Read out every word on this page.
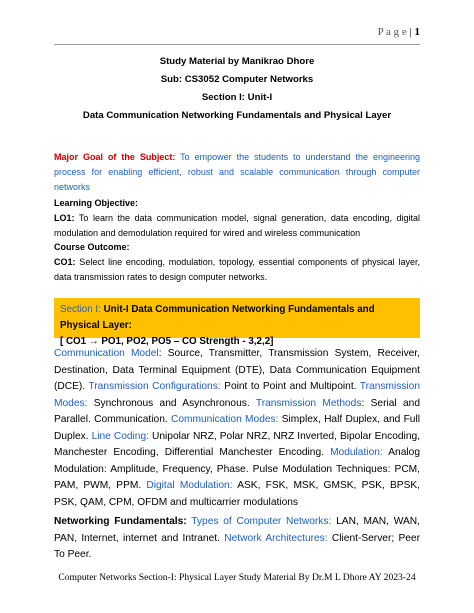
P a g e | 1
Study Material by Manikrao Dhore
Sub: CS3052 Computer Networks
Section I: Unit-I
Data Communication Networking Fundamentals and Physical Layer
Major Goal of the Subject: To empower the students to understand the engineering process for enabling efficient, robust and scalable communication through computer networks
Learning Objective:
LO1: To learn the data communication model, signal generation, data encoding, digital modulation and demodulation required for wired and wireless communication
Course Outcome:
CO1: Select line encoding, modulation, topology, essential components of physical layer, data transmission rates to design computer networks.
Section I: Unit-I Data Communication Networking Fundamentals and Physical Layer:
[ CO1 → PO1, PO2, PO5 – CO Strength - 3,2,2]
Communication Model: Source, Transmitter, Transmission System, Receiver, Destination, Data Terminal Equipment (DTE), Data Communication Equipment (DCE). Transmission Configurations: Point to Point and Multipoint. Transmission Modes: Synchronous and Asynchronous. Transmission Methods: Serial and Parallel. Communication. Communication Modes: Simplex, Half Duplex, and Full Duplex. Line Coding: Unipolar NRZ, Polar NRZ, NRZ Inverted, Bipolar Encoding, Manchester Encoding, Differential Manchester Encoding. Modulation: Analog Modulation: Amplitude, Frequency, Phase. Pulse Modulation Techniques: PCM, PAM, PWM, PPM. Digital Modulation: ASK, FSK, MSK, GMSK, PSK, BPSK, PSK, QAM, CPM, OFDM and multicarrier modulations
Networking Fundamentals: Types of Computer Networks: LAN, MAN, WAN, PAN, Internet, internet and Intranet. Network Architectures: Client-Server; Peer To Peer.
Computer Networks Section-I: Physical Layer Study Material By Dr.M L Dhore AY 2023-24
